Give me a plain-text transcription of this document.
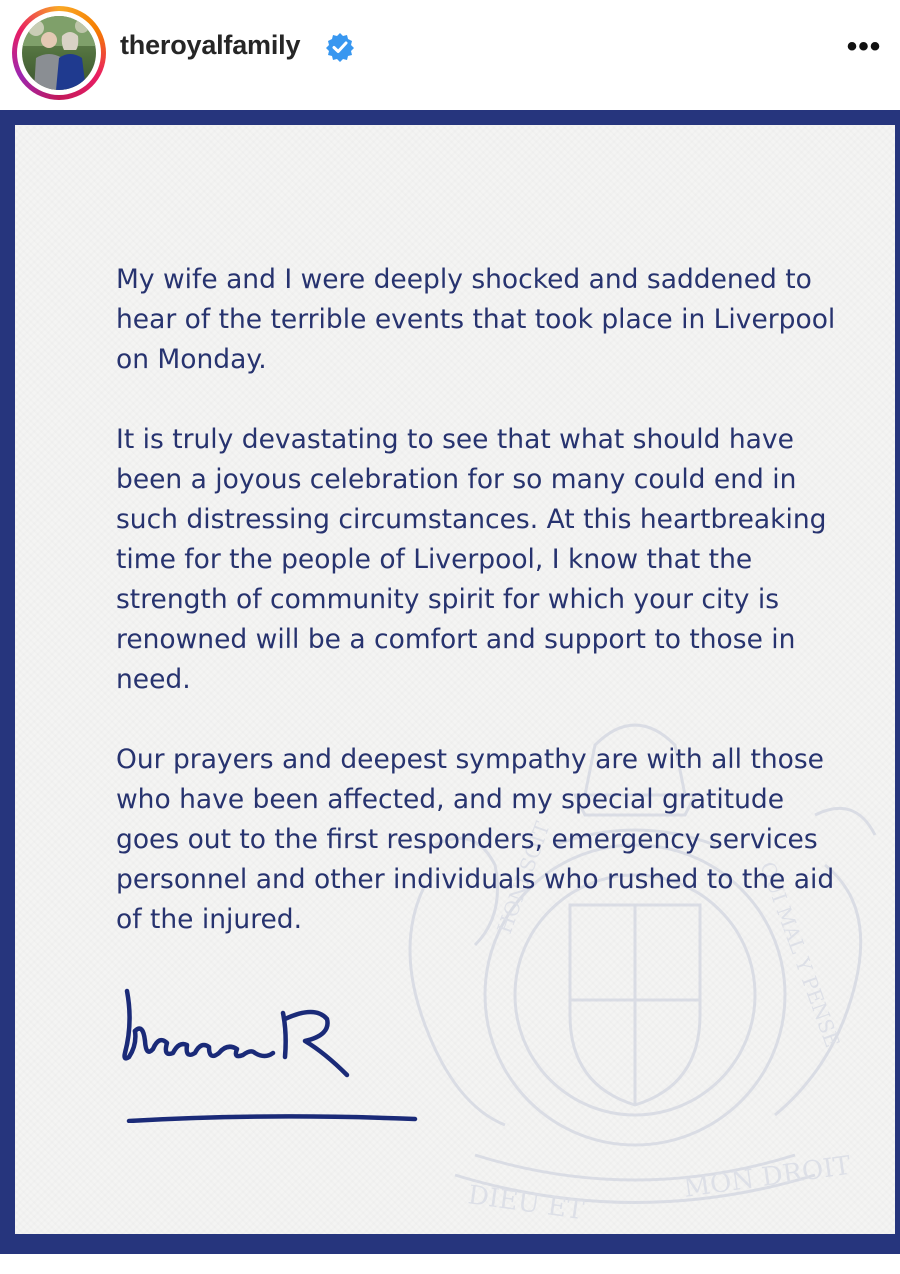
theroyalfamily	•••
DIEU ET	MON DROIT
HONI SOIT	QUI MAL Y PENSE

My wife and I were deeply shocked and saddened to hear of the terrible events that took place in Liverpool on Monday.

It is truly devastating to see that what should have been a joyous celebration for so many could end in such distressing circumstances. At this heartbreaking time for the people of Liverpool, I know that the strength of community spirit for which your city is renowned will be a comfort and support to those in need.

Our prayers and deepest sympathy are with all those who have been affected, and my special gratitude goes out to the first responders, emergency services personnel and other individuals who rushed to the aid of the injured.
